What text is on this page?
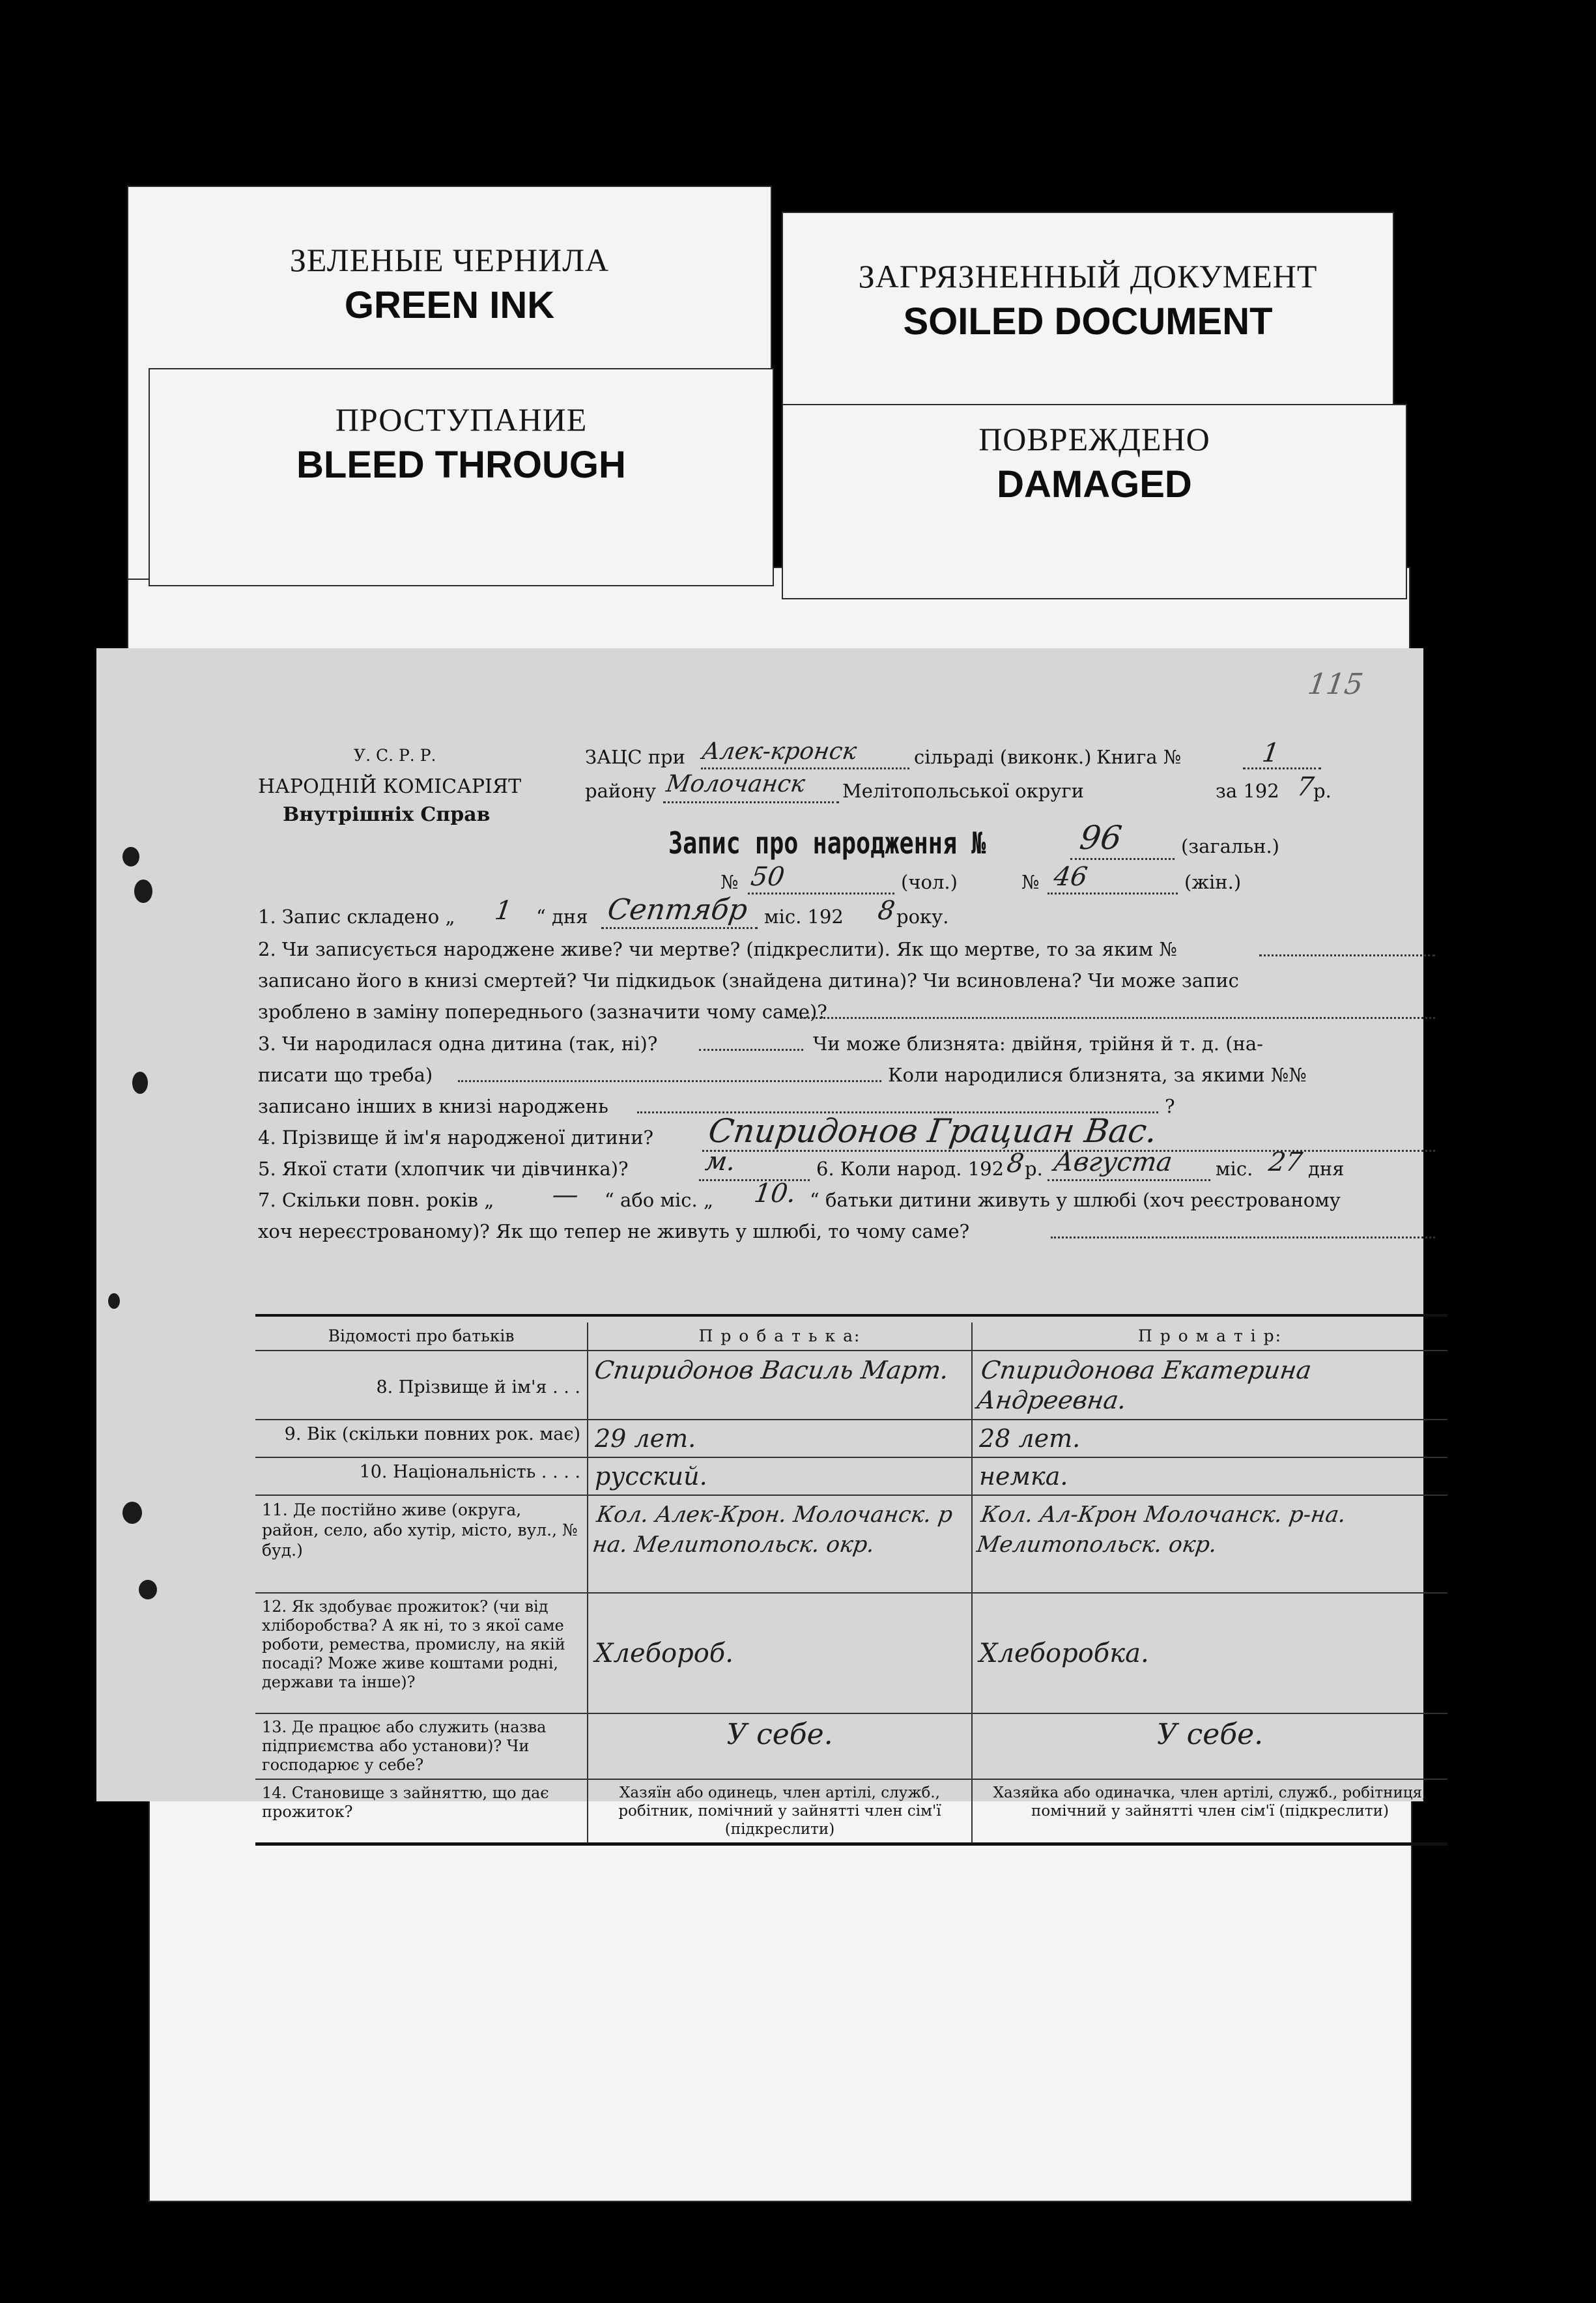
ЗЕЛЕНЫЕ ЧЕРНИЛА
GREEN INK
ЗАГРЯЗНЕННЫЙ ДОКУМЕНТ
SOILED DOCUMENT
ПРОСТУПАНИЕ
BLEED THROUGH
ПОВРЕЖДЕНО
DAMAGED
115
У. С. Р. Р.
НАРОДНІЙ КОМІСАРІЯТ
Внутрішніх Справ
ЗАЦС при Алек-кронск	сільраді (виконк.) Книга №	1
району Молочанск Мелітопольської округи	за 192 7
р.
Запис про народження №	96	(загальн.)
№ 50	(чол.)	№ 46	(жін.)
1. Запис складено „ 1 “ дня Септябр міс. 192 8 року.
2. Чи записується народжене живе? чи мертве? (підкреслити). Як що мертве, то за яким №
записано його в книзі смертей? Чи підкидьок (знайдена дитина)? Чи всиновлена? Чи може запис
зроблено в заміну попереднього (зазначити чому саме)?
3. Чи народилася одна дитина (так, ні)?	Чи може близнята: двійня, трійня й т. д. (на-
писати що треба)	Коли народилися близнята, за якими №№
записано інших в книзі народжень	?
4. Прізвище й ім'я народженої дитини? Спиридонов Грациан Вас.
5. Якої стати (хлопчик чи дівчинка)?	м.	6. Коли народ. 192 8
р. Августа міс. 27 дня
7. Скільки повн. років „ — “ або міс. „ 10. “ батьки дитини живуть у шлюбі (хоч реєстрованому
хоч нереєстрованому)? Як що тепер не живуть у шлюбі, то чому саме?
Відомості про батьків	П р о б а т ь к а:	П р о м а т і р:
8. Прізвище й ім'я . . .	Спиридонов Василь Март.	Спиридонова Екатерина Андреевна.

9. Вік (скільки повних рок. має)	29 лет.	28 лет.
10. Національність . . . .	русский.	немка.
11. Де постійно живе (округа, район, село, або хутір, місто, вул., № буд.)	Кол. Алек-Крон. Молочанск. р на. Мелитопольск. окр.	Кол. Ал-Крон Молочанск. р-на. Мелитопольск. окр.

12. Як здобуває прожиток? (чи від хліборобства? А як ні, то з якої саме роботи, ремества, промислу, на якій посаді? Може живе коштами родні, держави та інше)?	Хлебороб.	Хлеборобка.
13. Де працює або служить (назва підприємства або установи)? Чи господарює у себе?	У себе.	У себе.
14. Становище з зайняттю, що дає прожиток?	Хазяїн або одинець, член артілі, служб., робітник, помічний у зайнятті член сім'ї (підкреслити)	Хазяйка або одиначка, член артілі, служб., робітниця, помічний у зайнятті член сім'ї (підкреслити)
